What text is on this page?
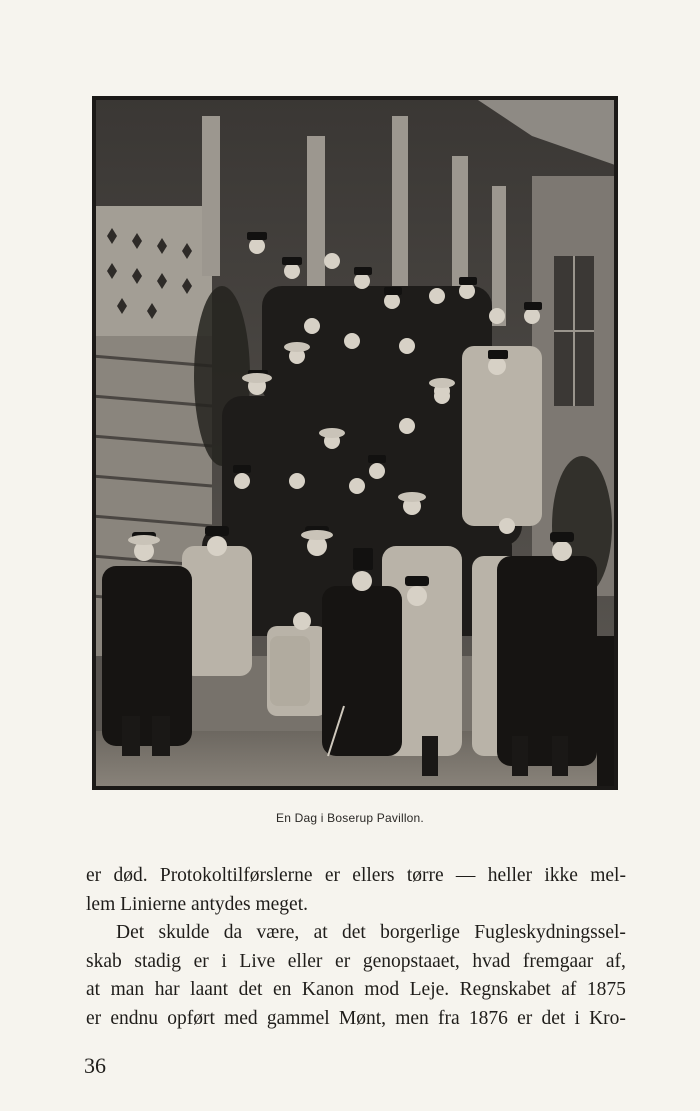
En Dag i Boserup Pavillon.
er død. Protokoltilførslerne er ellers tørre — heller ikke mel-
lem Linierne antydes meget.
Det skulde da være, at det borgerlige Fugleskydningssel-
skab stadig er i Live eller er genopstaaet, hvad fremgaar af,
at man har laant det en Kanon mod Leje. Regnskabet af 1875
er endnu opført med gammel Mønt, men fra 1876 er det i Kro-
36
